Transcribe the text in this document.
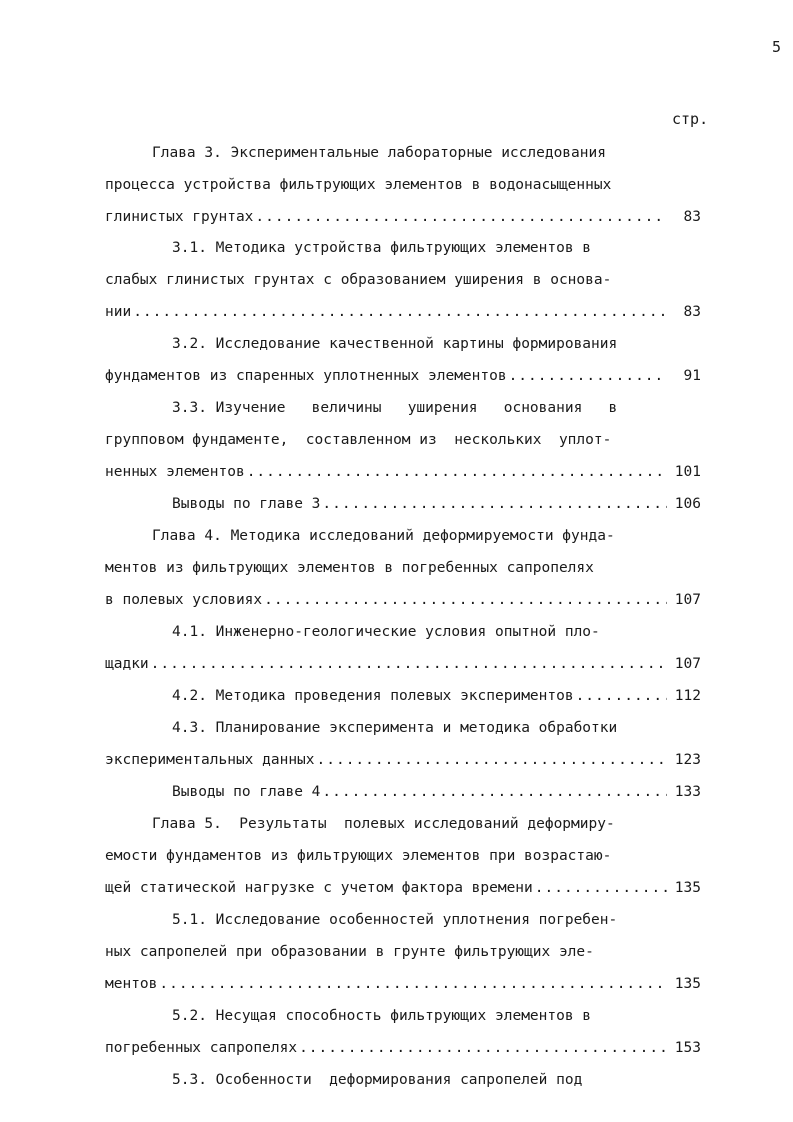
5
стр.
Глава 3. Экспериментальные лабораторные исследования
процесса устройства фильтрующих элементов в водонасыщенных
глинистых грунтах .....	83
3.1. Методика устройства фильтрующих элементов в
слабых глинистых грунтах с образованием уширения в основа-
нии .....	83
3.2. Исследование качественной картины формирования
фундаментов из спаренных уплотненных элементов .....	91
3.3. Изучение   величины   уширения   основания   в
групповом фундаменте,  составленном из  нескольких  уплот-
ненных элементов .....	101
Выводы по главе 3 .....	106
Глава 4. Методика исследований деформируемости фунда-
ментов из фильтрующих элементов в погребенных сапропелях
в полевых условиях .....	107
4.1. Инженерно-геологические условия опытной пло-
щадки .....	107
4.2. Методика проведения полевых экспериментов .....	112
4.3. Планирование эксперимента и методика обработки
экспериментальных данных .....	123
Выводы по главе 4 .....	133
Глава 5.  Результаты  полевых исследований деформиру-
емости фундаментов из фильтрующих элементов при возрастаю-
щей статической нагрузке с учетом фактора времени .....	135
5.1. Исследование особенностей уплотнения погребен-
ных сапропелей при образовании в грунте фильтрующих эле-
ментов .....	135
5.2. Несущая способность фильтрующих элементов в
погребенных сапропелях .....	153
5.3. Особенности  деформирования сапропелей под
